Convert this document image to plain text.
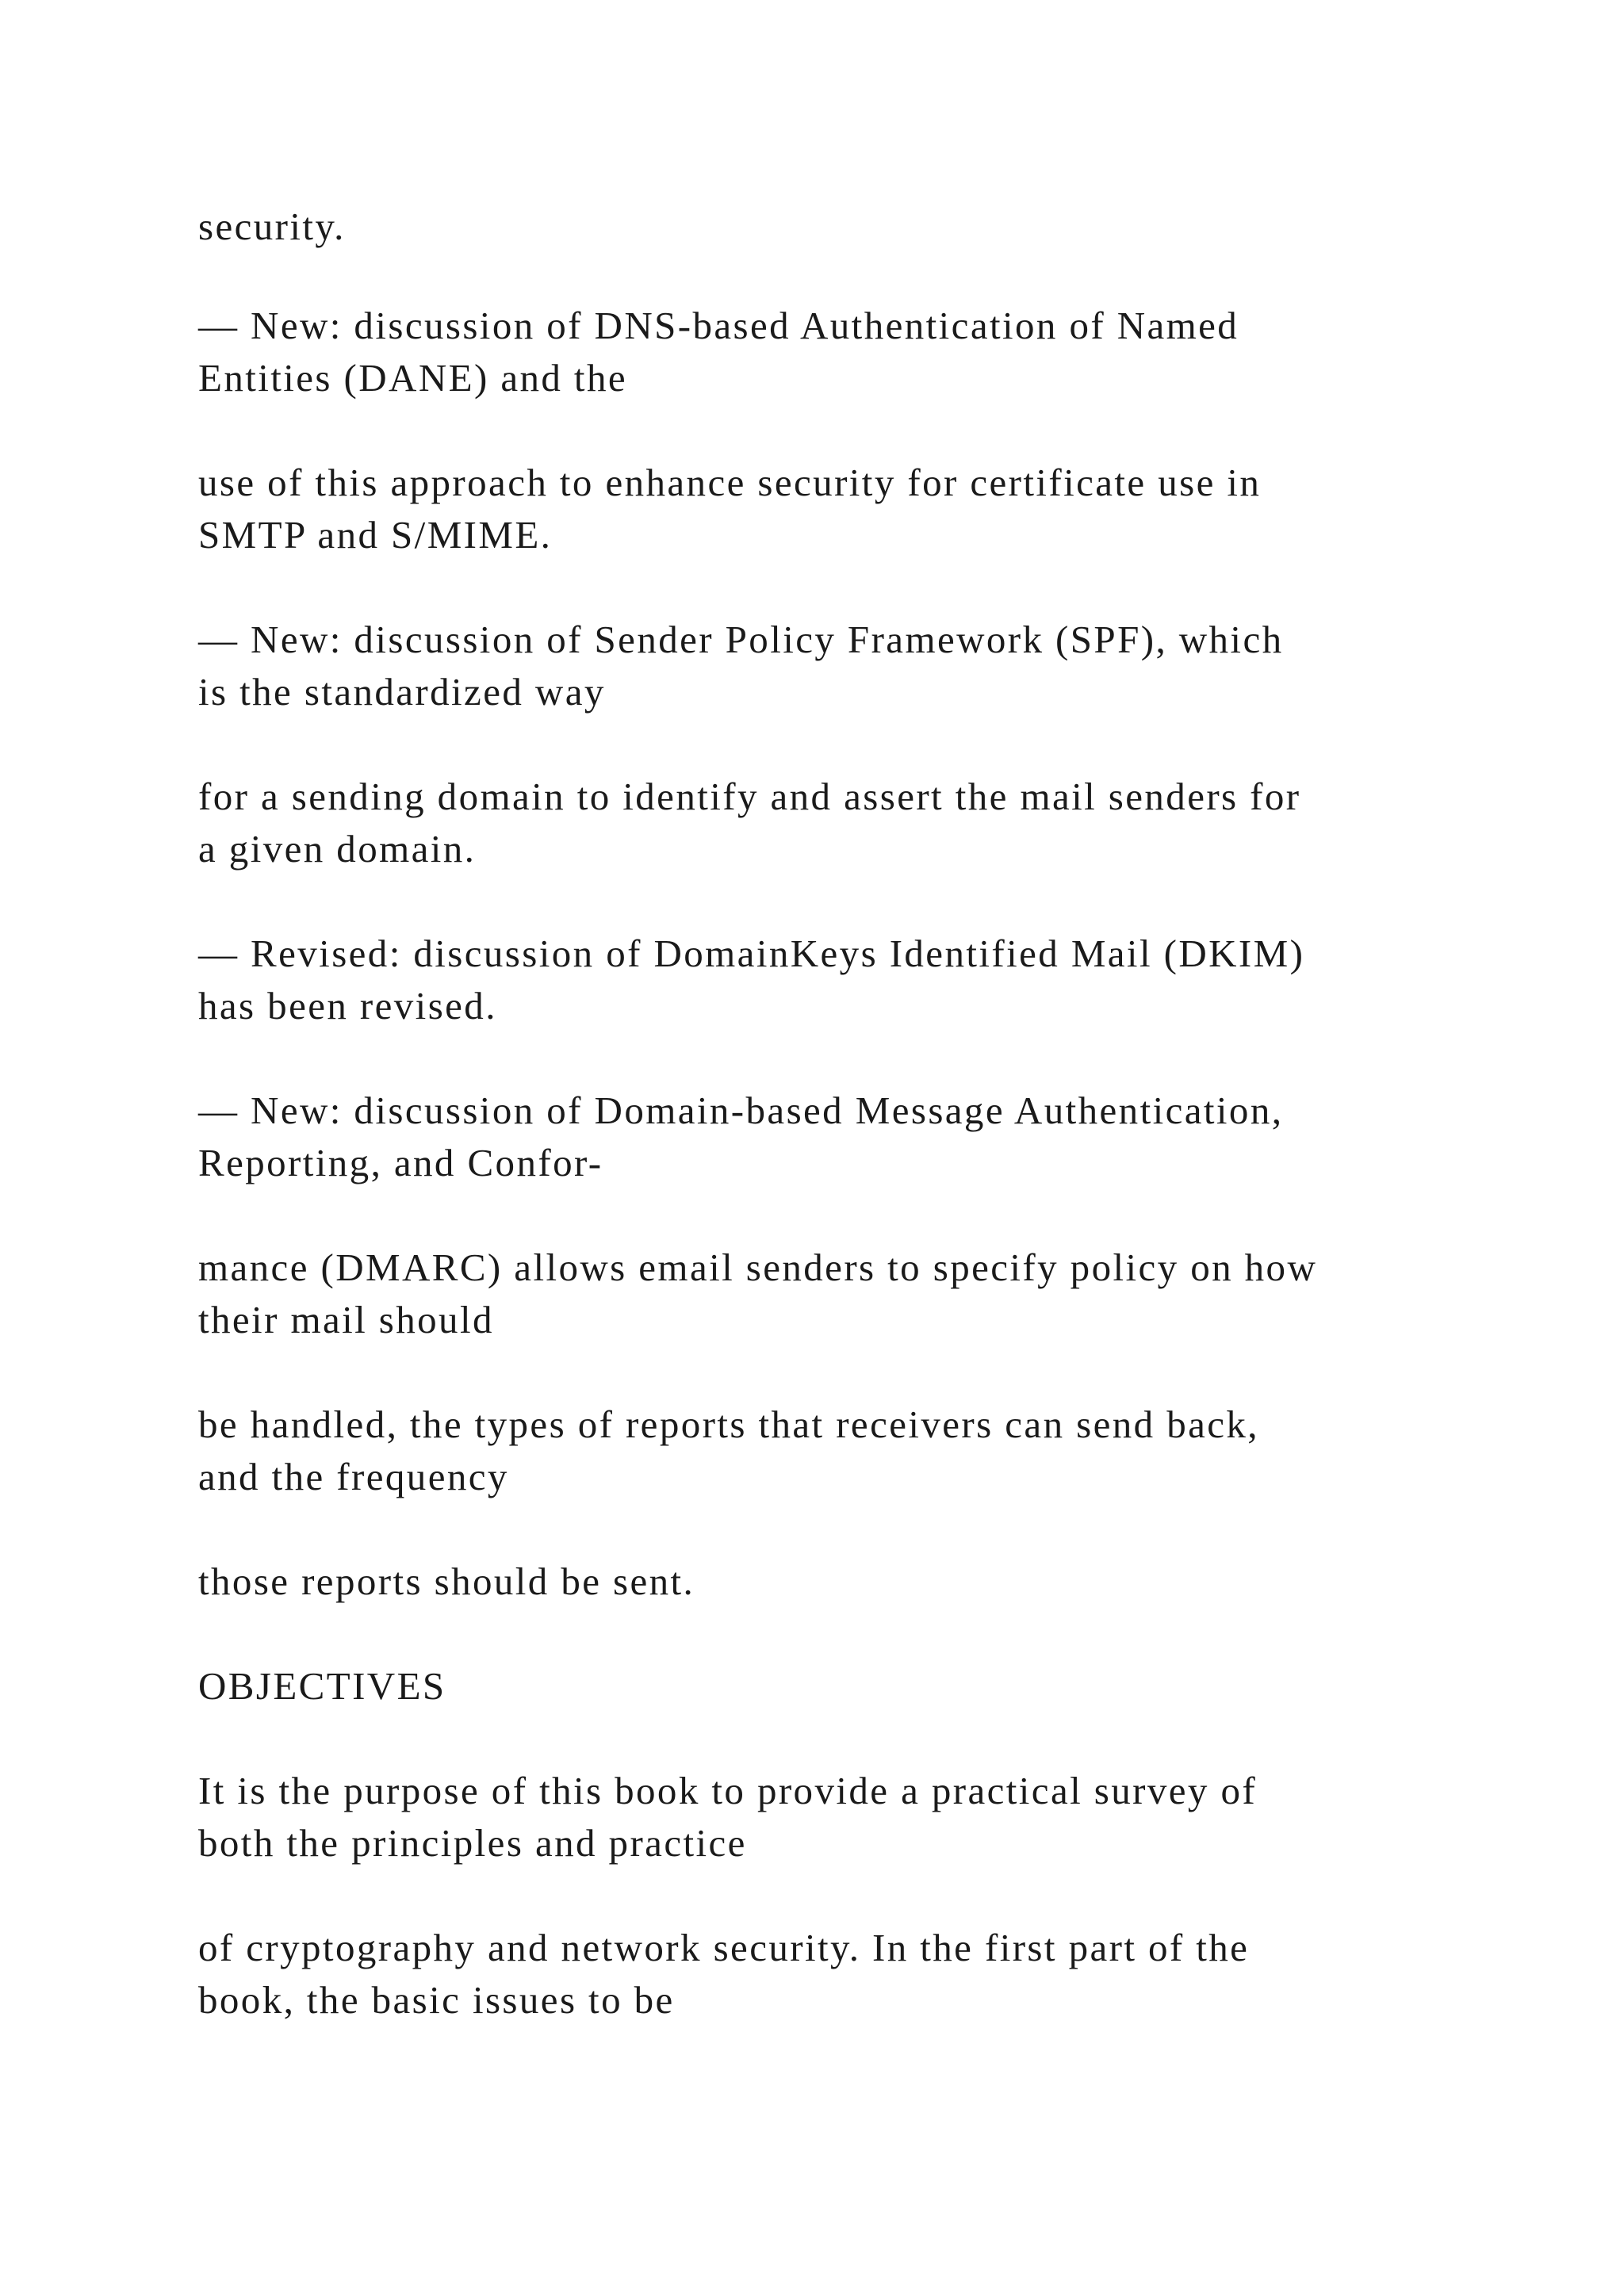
security.

— New: discussion of DNS-based Authentication of Named
Entities (DANE) and the

use of this approach to enhance security for certificate use in
SMTP and S/MIME.

— New: discussion of Sender Policy Framework (SPF), which
is the standardized way

for a sending domain to identify and assert the mail senders for
a given domain.

— Revised: discussion of DomainKeys Identified Mail (DKIM)
has been revised.

— New: discussion of Domain-based Message Authentication,
Reporting, and Confor-

mance (DMARC) allows email senders to specify policy on how
their mail should

be handled, the types of reports that receivers can send back,
and the frequency

those reports should be sent.

OBJECTIVES

It is the purpose of this book to provide a practical survey of
both the principles and practice

of cryptography and network security. In the first part of the
book, the basic issues to be
